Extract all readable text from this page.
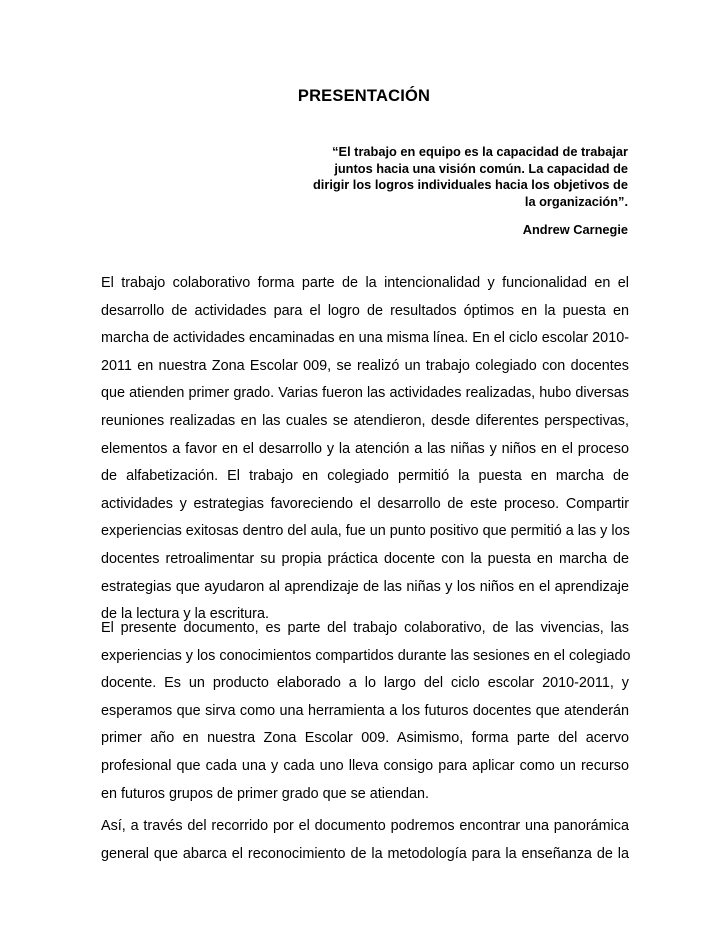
PRESENTACIÓN
“El trabajo en equipo es la capacidad de trabajar
juntos hacia una visión común. La capacidad de
dirigir los logros individuales hacia los objetivos de
la organización”.
Andrew Carnegie
El trabajo colaborativo forma parte de la intencionalidad y funcionalidad en el
desarrollo de actividades para el logro de resultados óptimos en la puesta en
marcha de actividades encaminadas en una misma línea. En el ciclo escolar 2010-
2011 en nuestra Zona Escolar 009, se realizó un trabajo colegiado con docentes
que atienden primer grado. Varias fueron las actividades realizadas, hubo diversas
reuniones realizadas en las cuales se atendieron, desde diferentes perspectivas,
elementos a favor en el desarrollo y la atención a las niñas y niños en el proceso
de alfabetización. El trabajo en colegiado permitió la puesta en marcha de
actividades y estrategias favoreciendo el desarrollo de este proceso. Compartir
experiencias exitosas dentro del aula, fue un punto positivo que permitió a las y los
docentes retroalimentar su propia práctica docente con la puesta en marcha de
estrategias que ayudaron al aprendizaje de las niñas y los niños en el aprendizaje
de la lectura y la escritura.
El presente documento, es parte del trabajo colaborativo, de las vivencias, las
experiencias y los conocimientos compartidos durante las sesiones en el colegiado
docente. Es un producto elaborado a lo largo del ciclo escolar 2010-2011, y
esperamos que sirva como una herramienta a los futuros docentes que atenderán
primer año en nuestra Zona Escolar 009. Asimismo, forma parte del acervo
profesional que cada una y cada uno lleva consigo para aplicar como un recurso
en futuros grupos de primer grado que se atiendan.
Así, a través del recorrido por el documento podremos encontrar una panorámica
general que abarca el reconocimiento de la metodología para la enseñanza de la
